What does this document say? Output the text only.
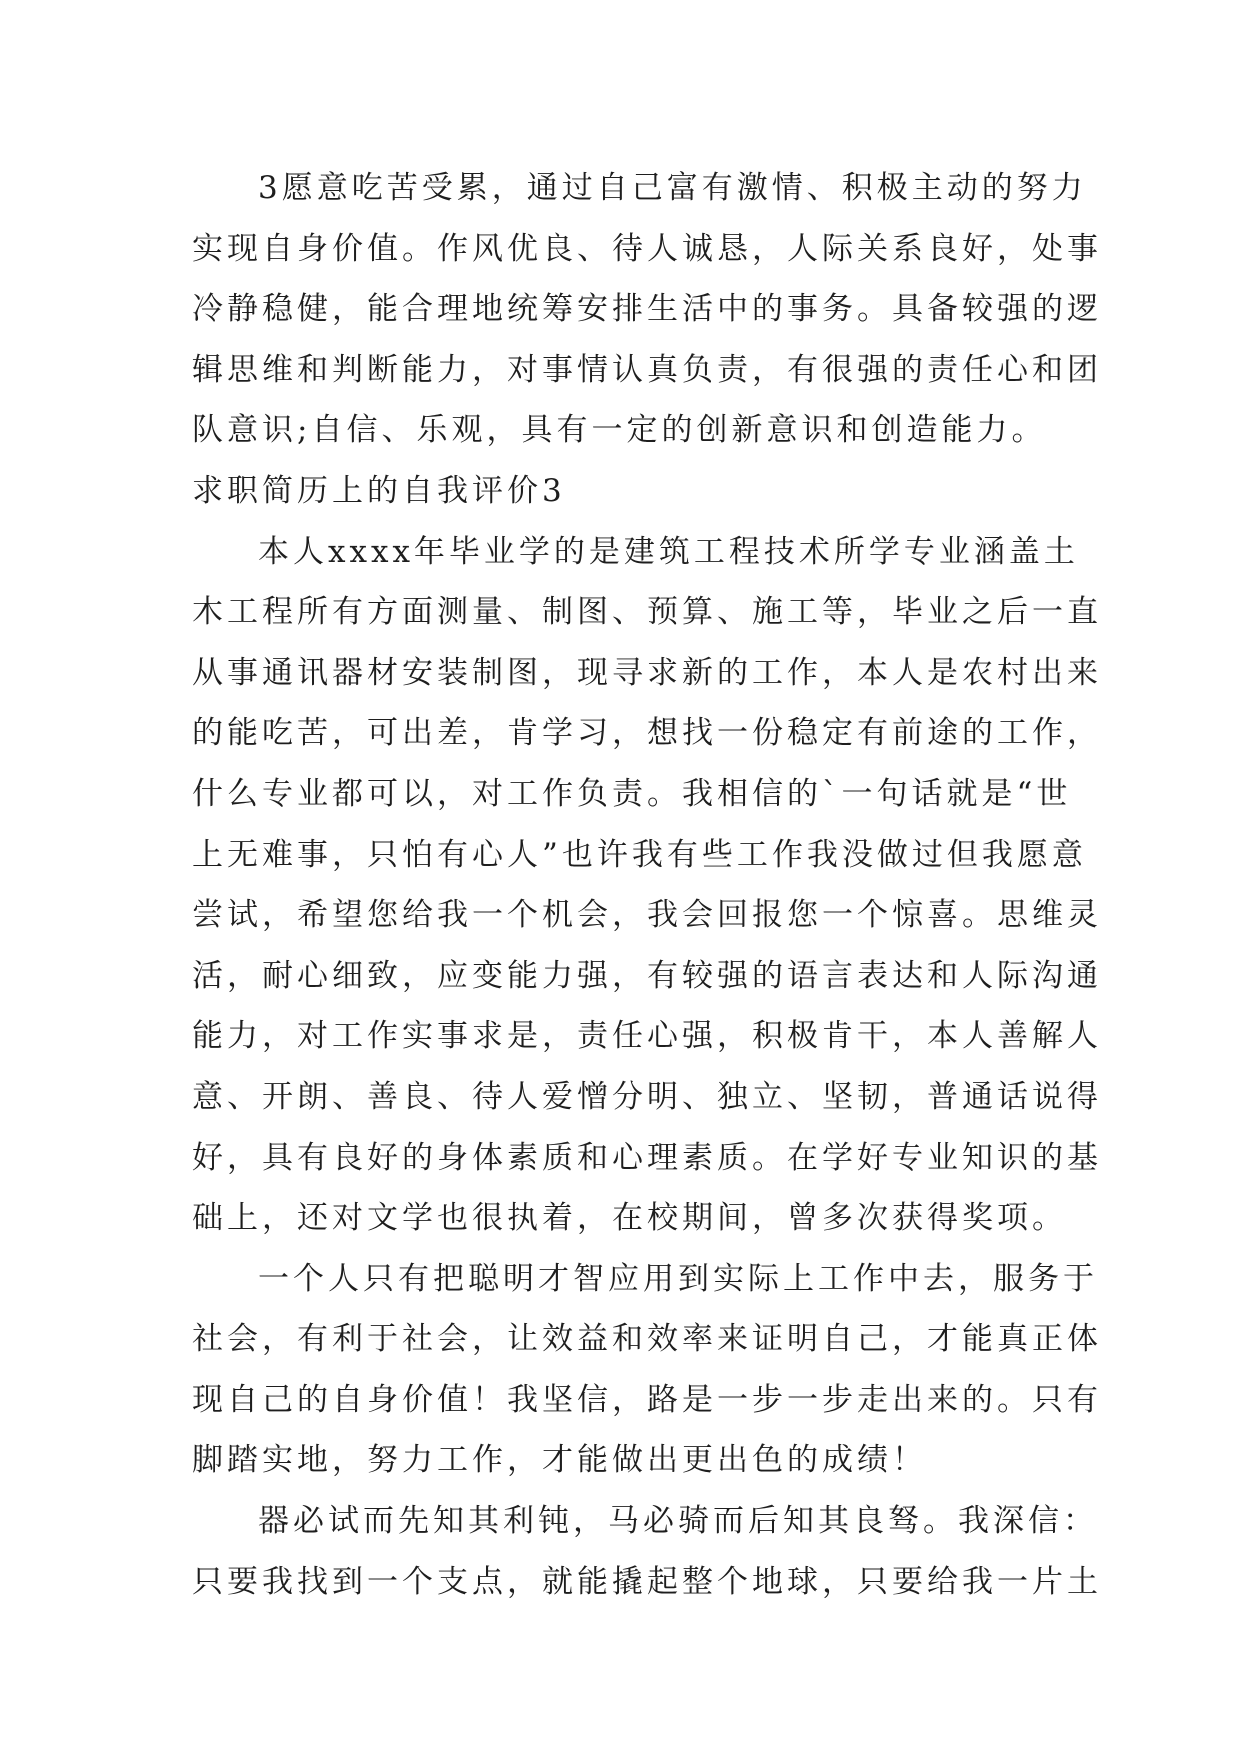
3愿意吃苦受累，通过自己富有激情、积极主动的努力
实现自身价值。作风优良、待人诚恳，人际关系良好，处事
冷静稳健，能合理地统筹安排生活中的事务。具备较强的逻
辑思维和判断能力，对事情认真负责，有很强的责任心和团
队意识;自信、乐观，具有一定的创新意识和创造能力。
求职简历上的自我评价3
本人xxxx年毕业学的是建筑工程技术所学专业涵盖土
木工程所有方面测量、制图、预算、施工等，毕业之后一直
从事通讯器材安装制图，现寻求新的工作，本人是农村出来
的能吃苦，可出差，肯学习，想找一份稳定有前途的工作，
什么专业都可以，对工作负责。我相信的`一句话就是“世
上无难事，只怕有心人”也许我有些工作我没做过但我愿意
尝试，希望您给我一个机会，我会回报您一个惊喜。思维灵
活，耐心细致，应变能力强，有较强的语言表达和人际沟通
能力，对工作实事求是，责任心强，积极肯干，本人善解人
意、开朗、善良、待人爱憎分明、独立、坚韧，普通话说得
好，具有良好的身体素质和心理素质。在学好专业知识的基
础上，还对文学也很执着，在校期间，曾多次获得奖项。
一个人只有把聪明才智应用到实际上工作中去，服务于
社会，有利于社会，让效益和效率来证明自己，才能真正体
现自己的自身价值！我坚信，路是一步一步走出来的。只有
脚踏实地，努力工作，才能做出更出色的成绩！
器必试而先知其利钝，马必骑而后知其良驽。我深信：
只要我找到一个支点，就能撬起整个地球，只要给我一片土
